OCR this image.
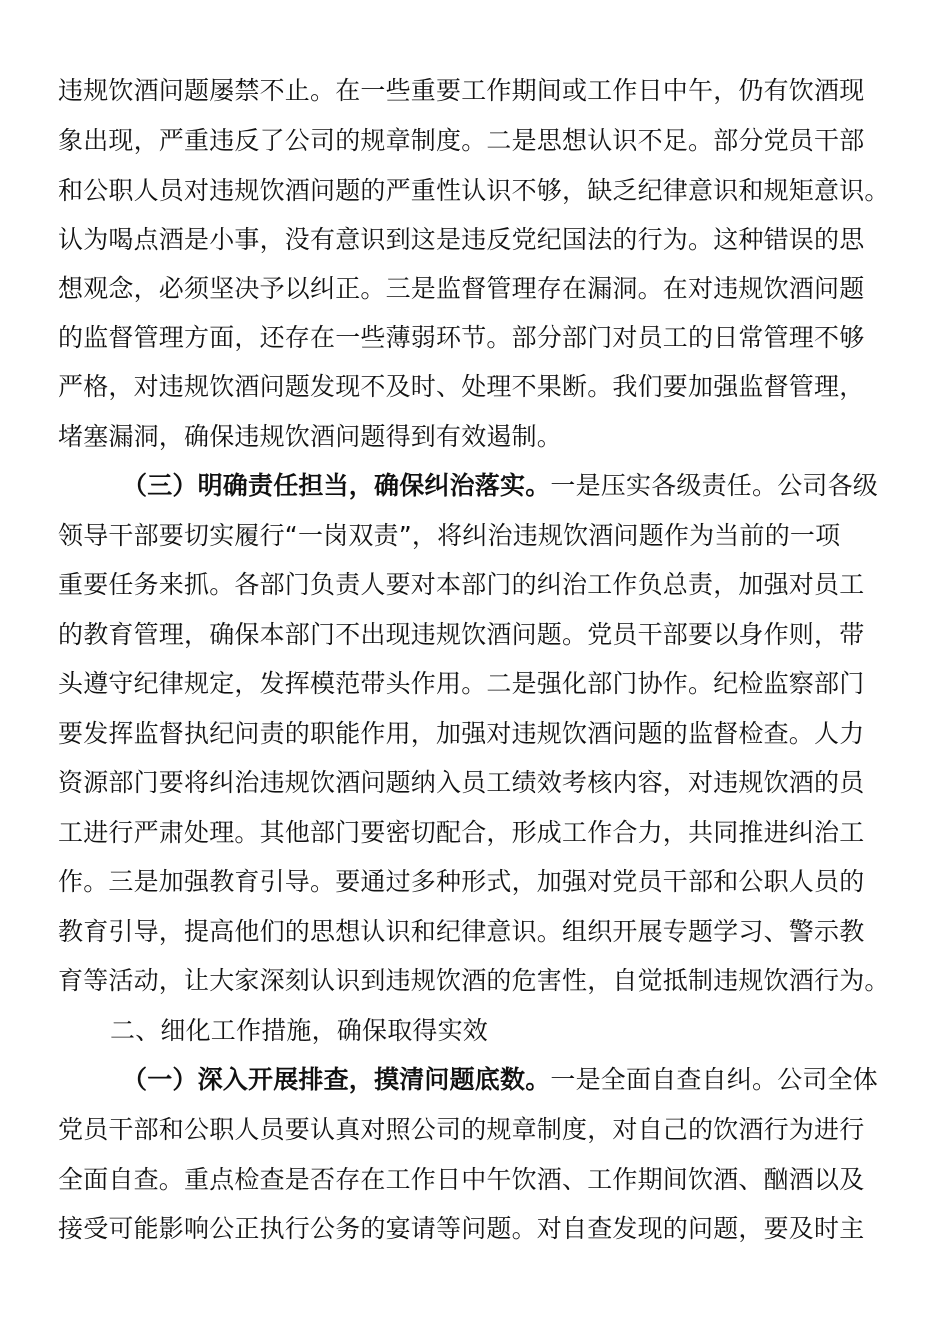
违规饮酒问题屡禁不止。在一些重要工作期间或工作日中午，仍有饮酒现
象出现，严重违反了公司的规章制度。二是思想认识不足。部分党员干部
和公职人员对违规饮酒问题的严重性认识不够，缺乏纪律意识和规矩意识。
认为喝点酒是小事，没有意识到这是违反党纪国法的行为。这种错误的思
想观念，必须坚决予以纠正。三是监督管理存在漏洞。在对违规饮酒问题
的监督管理方面，还存在一些薄弱环节。部分部门对员工的日常管理不够
严格，对违规饮酒问题发现不及时、处理不果断。我们要加强监督管理，
堵塞漏洞，确保违规饮酒问题得到有效遏制。
（三）明确责任担当，确保纠治落实。一是压实各级责任。公司各级
领导干部要切实履行“一岗双责”，将纠治违规饮酒问题作为当前的一项
重要任务来抓。各部门负责人要对本部门的纠治工作负总责，加强对员工
的教育管理，确保本部门不出现违规饮酒问题。党员干部要以身作则，带
头遵守纪律规定，发挥模范带头作用。二是强化部门协作。纪检监察部门
要发挥监督执纪问责的职能作用，加强对违规饮酒问题的监督检查。人力
资源部门要将纠治违规饮酒问题纳入员工绩效考核内容，对违规饮酒的员
工进行严肃处理。其他部门要密切配合，形成工作合力，共同推进纠治工
作。三是加强教育引导。要通过多种形式，加强对党员干部和公职人员的
教育引导，提高他们的思想认识和纪律意识。组织开展专题学习、警示教
育等活动，让大家深刻认识到违规饮酒的危害性，自觉抵制违规饮酒行为。
二、细化工作措施，确保取得实效
（一）深入开展排查，摸清问题底数。一是全面自查自纠。公司全体
党员干部和公职人员要认真对照公司的规章制度，对自己的饮酒行为进行
全面自查。重点检查是否存在工作日中午饮酒、工作期间饮酒、酗酒以及
接受可能影响公正执行公务的宴请等问题。对自查发现的问题，要及时主
